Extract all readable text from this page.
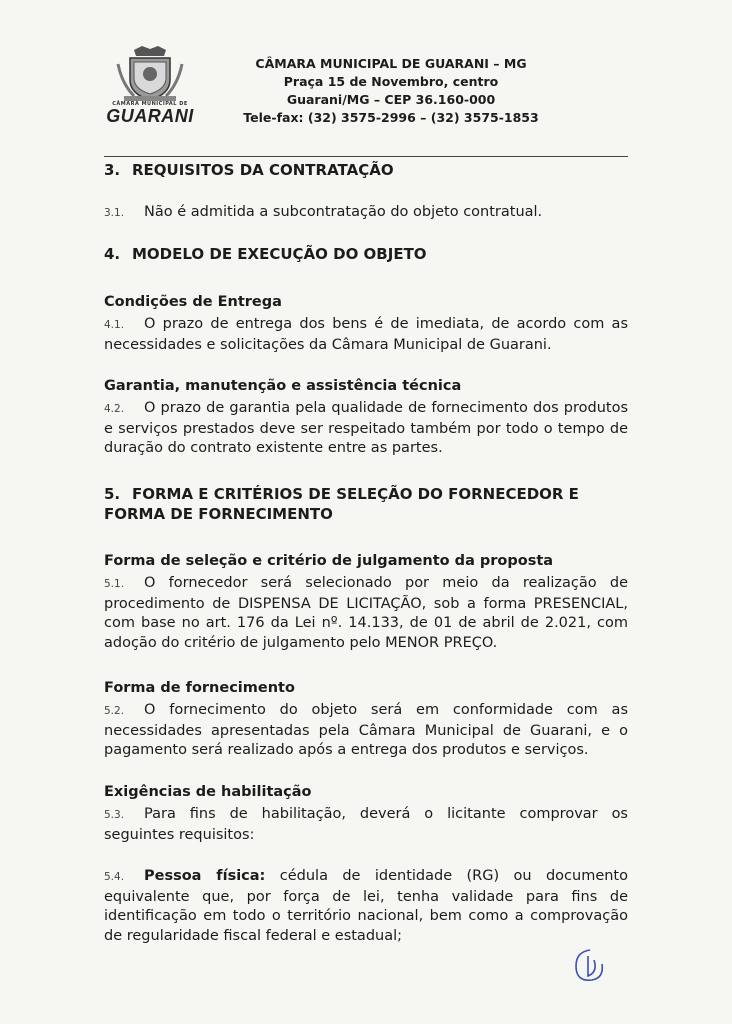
CÂMARA MUNICIPAL DE
GUARANI
CÂMARA MUNICIPAL DE GUARANI – MG
Praça 15 de Novembro, centro
Guarani/MG – CEP 36.160-000
Tele-fax: (32) 3575-2996 – (32) 3575-1853
3. REQUISITOS DA CONTRATAÇÃO
3.1. Não é admitida a subcontratação do objeto contratual.
4. MODELO DE EXECUÇÃO DO OBJETO
Condições de Entrega
4.1. O prazo de entrega dos bens é de imediata, de acordo com as necessidades e solicitações da Câmara Municipal de Guarani.
Garantia, manutenção e assistência técnica
4.2. O prazo de garantia pela qualidade de fornecimento dos produtos e serviços prestados deve ser respeitado também por todo o tempo de duração do contrato existente entre as partes.
5. FORMA E CRITÉRIOS DE SELEÇÃO DO FORNECEDOR E
FORMA DE FORNECIMENTO
Forma de seleção e critério de julgamento da proposta
5.1. O fornecedor será selecionado por meio da realização de procedimento de DISPENSA DE LICITAÇÃO, sob a forma PRESENCIAL, com base no art. 176 da Lei nº. 14.133, de 01 de abril de 2.021, com adoção do critério de julgamento pelo MENOR PREÇO.
Forma de fornecimento
5.2. O fornecimento do objeto será em conformidade com as necessidades apresentadas pela Câmara Municipal de Guarani, e o pagamento será realizado após a entrega dos produtos e serviços.
Exigências de habilitação
5.3. Para fins de habilitação, deverá o licitante comprovar os seguintes requisitos:
5.4. Pessoa física: cédula de identidade (RG) ou documento equivalente que, por força de lei, tenha validade para fins de identificação em todo o território nacional, bem como a comprovação de regularidade fiscal federal e estadual;
